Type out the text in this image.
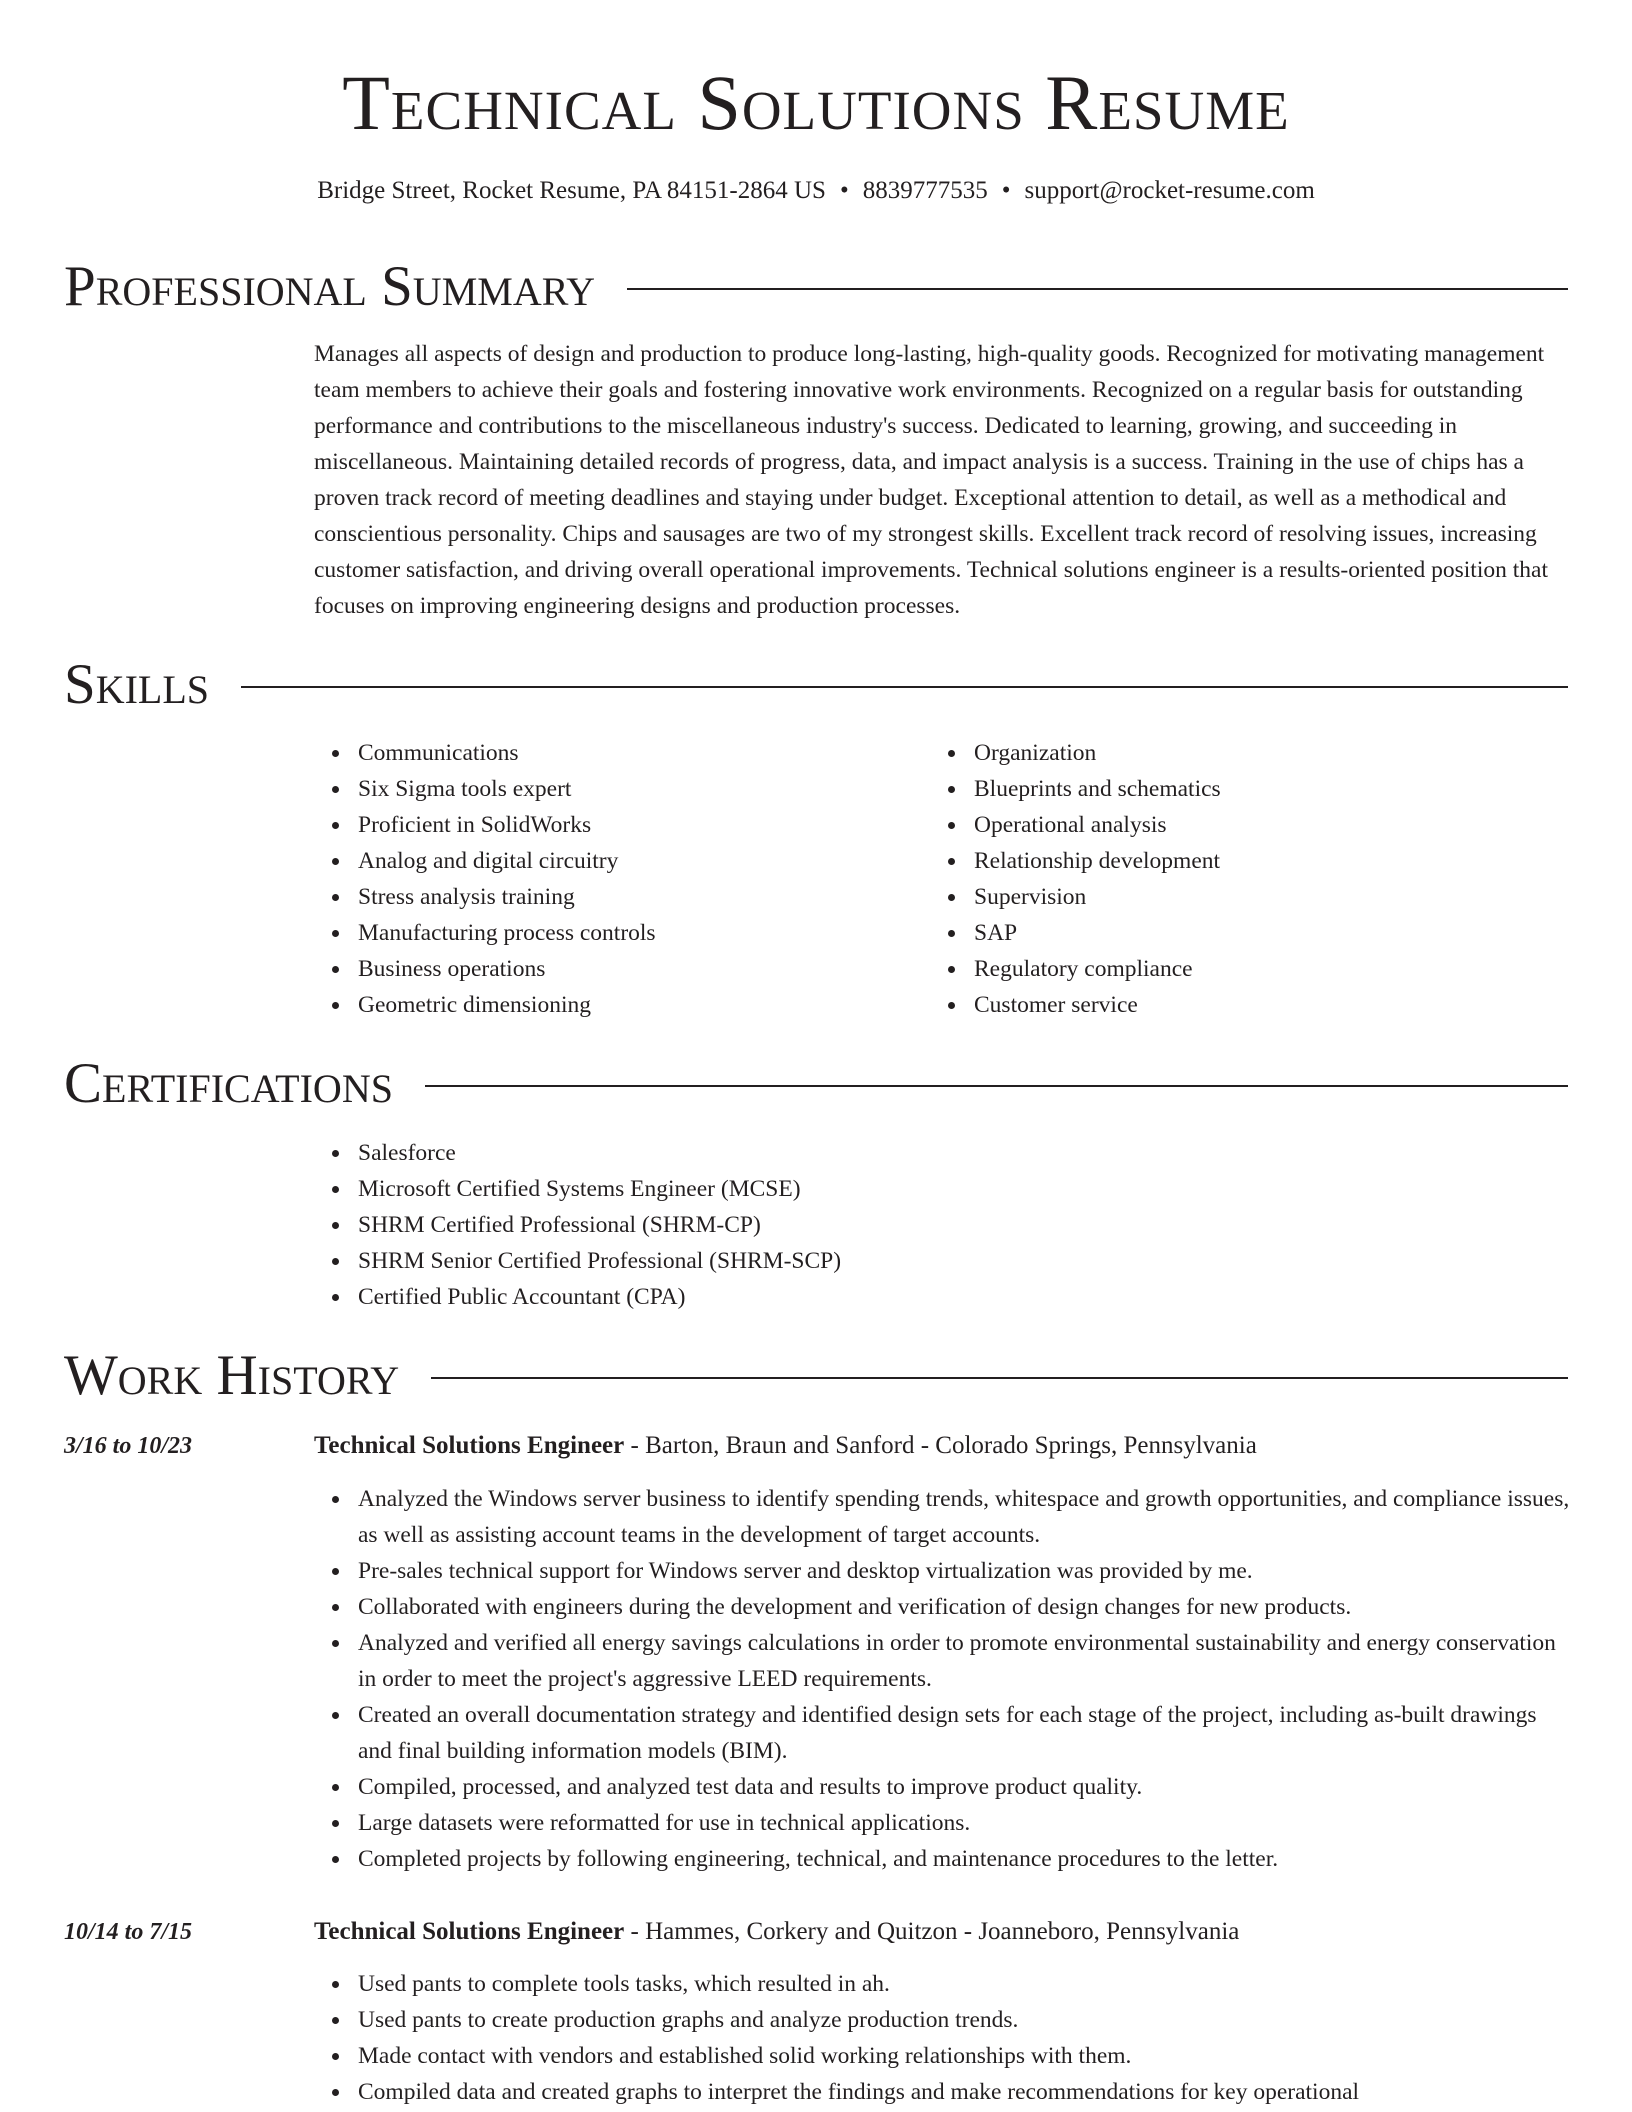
Technical Solutions Resume
Bridge Street, Rocket Resume, PA 84151-2864 US • 8839777535 • support@rocket-resume.com
Professional Summary
Manages all aspects of design and production to produce long-lasting, high-quality goods. Recognized for motivating management team members to achieve their goals and fostering innovative work environments. Recognized on a regular basis for outstanding performance and contributions to the miscellaneous industry's success. Dedicated to learning, growing, and succeeding in miscellaneous. Maintaining detailed records of progress, data, and impact analysis is a success. Training in the use of chips has a proven track record of meeting deadlines and staying under budget. Exceptional attention to detail, as well as a methodical and conscientious personality. Chips and sausages are two of my strongest skills. Excellent track record of resolving issues, increasing customer satisfaction, and driving overall operational improvements. Technical solutions engineer is a results-oriented position that focuses on improving engineering designs and production processes.
Skills
Communications
Six Sigma tools expert
Proficient in SolidWorks
Analog and digital circuitry
Stress analysis training
Manufacturing process controls
Business operations
Geometric dimensioning
Organization
Blueprints and schematics
Operational analysis
Relationship development
Supervision
SAP
Regulatory compliance
Customer service
Certifications
Salesforce
Microsoft Certified Systems Engineer (MCSE)
SHRM Certified Professional (SHRM-CP)
SHRM Senior Certified Professional (SHRM-SCP)
Certified Public Accountant (CPA)
Work History
3/16 to 10/23	Technical Solutions Engineer - Barton, Braun and Sanford - Colorado Springs, Pennsylvania
Analyzed the Windows server business to identify spending trends, whitespace and growth opportunities, and compliance issues, as well as assisting account teams in the development of target accounts.
Pre-sales technical support for Windows server and desktop virtualization was provided by me.
Collaborated with engineers during the development and verification of design changes for new products.
Analyzed and verified all energy savings calculations in order to promote environmental sustainability and energy conservation in order to meet the project's aggressive LEED requirements.
Created an overall documentation strategy and identified design sets for each stage of the project, including as-built drawings and final building information models (BIM).
Compiled, processed, and analyzed test data and results to improve product quality.
Large datasets were reformatted for use in technical applications.
Completed projects by following engineering, technical, and maintenance procedures to the letter.
10/14 to 7/15	Technical Solutions Engineer - Hammes, Corkery and Quitzon - Joanneboro, Pennsylvania
Used pants to complete tools tasks, which resulted in ah.
Used pants to create production graphs and analyze production trends.
Made contact with vendors and established solid working relationships with them.
Compiled data and created graphs to interpret the findings and make recommendations for key operational
